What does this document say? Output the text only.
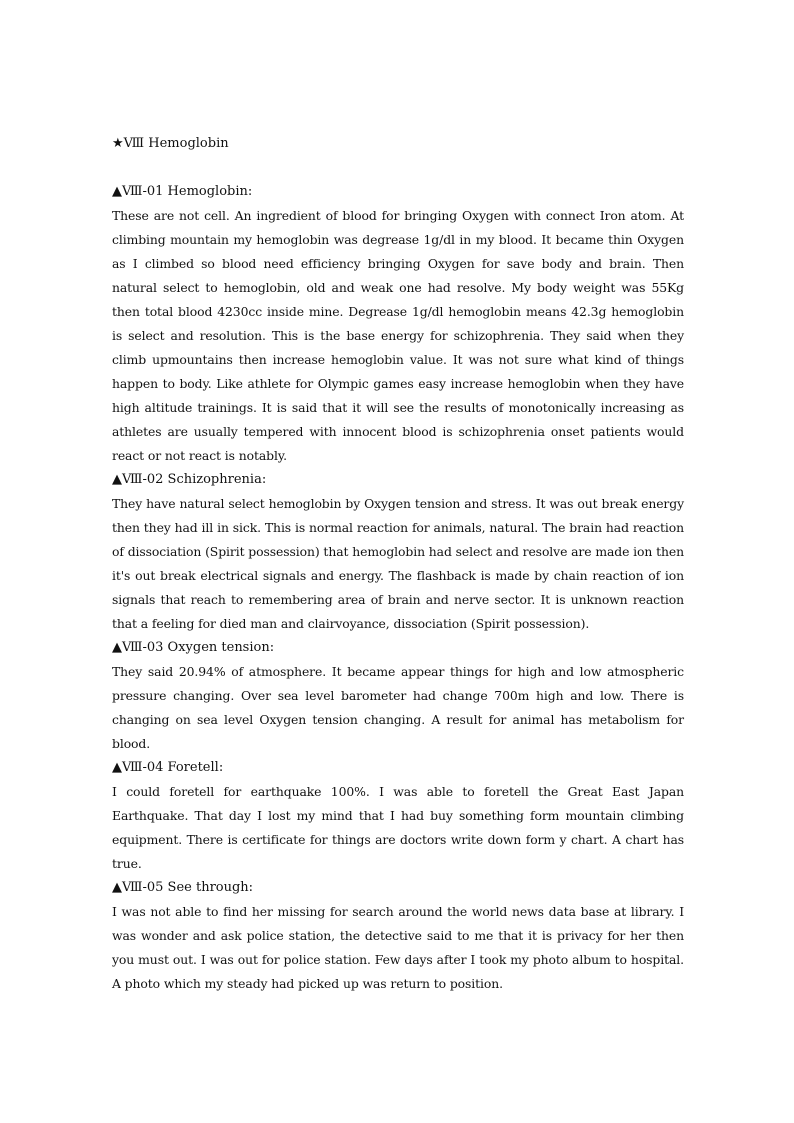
★Ⅷ Hemoglobin
▲Ⅷ-01 Hemoglobin:

These are not cell. An ingredient of blood for bringing Oxygen with connect Iron atom. At climbing mountain my hemoglobin was degrease 1g/dl in my blood. It became thin Oxygen as I climbed so blood need efficiency bringing Oxygen for save body and brain. Then natural select to hemoglobin, old and weak one had resolve. My body weight was 55Kg then total blood 4230cc inside mine. Degrease 1g/dl hemoglobin means 42.3g hemoglobin is select and resolution. This is the base energy for schizophrenia. They said when they climb upmountains then increase hemoglobin value. It was not sure what kind of things happen to body. Like athlete for Olympic games easy increase hemoglobin when they have high altitude trainings. It is said that it will see the results of monotonically increasing as athletes are usually tempered with innocent blood is schizophrenia onset patients would react or not react is notably.

▲Ⅷ-02 Schizophrenia:

They have natural select hemoglobin by Oxygen tension and stress. It was out break energy then they had ill in sick. This is normal reaction for animals, natural. The brain had reaction of dissociation (Spirit possession) that hemoglobin had select and resolve are made ion then it's out break electrical signals and energy. The flashback is made by chain reaction of ion signals that reach to remembering area of brain and nerve sector. It is unknown reaction that a feeling for died man and clairvoyance, dissociation (Spirit possession).

▲Ⅷ-03 Oxygen tension:

They said 20.94% of atmosphere. It became appear things for high and low atmospheric pressure changing. Over sea level barometer had change 700m high and low. There is changing on sea level Oxygen tension changing. A result for animal has metabolism for blood.

▲Ⅷ-04 Foretell:

I could foretell for earthquake 100%. I was able to foretell the Great East Japan Earthquake. That day I lost my mind that I had buy something form mountain climbing equipment. There is certificate for things are doctors write down form y chart. A chart has true.

▲Ⅷ-05 See through:

I was not able to find her missing for search around the world news data base at library. I was wonder and ask police station, the detective said to me that it is privacy for her then you must out. I was out for police station. Few days after I took my photo album to hospital. A photo which my steady had picked up was return to position.
